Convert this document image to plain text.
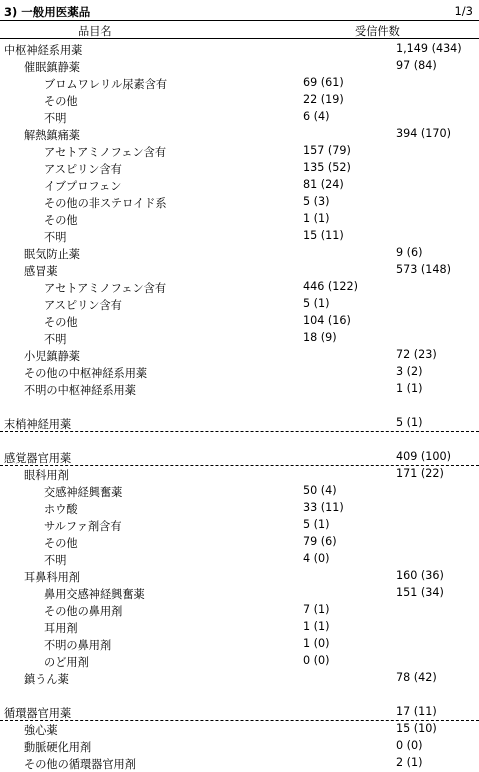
3) 一般用医薬品	1/3
品目名	受信件数
中枢神経系用薬	1,149 (434)
催眠鎮静薬	97 (84)
ブロムワレリル尿素含有	69 (61)
その他	22 (19)
不明	6 (4)
解熱鎮痛薬	394 (170)
アセトアミノフェン含有	157 (79)
アスピリン含有	135 (52)
イブプロフェン	81 (24)
その他の非ステロイド系	5 (3)
その他	1 (1)
不明	15 (11)
眠気防止薬	9 (6)
感冒薬	573 (148)
アセトアミノフェン含有	446 (122)
アスピリン含有	5 (1)
その他	104 (16)
不明	18 (9)
小児鎮静薬	72 (23)
その他の中枢神経系用薬	3 (2)
不明の中枢神経系用薬	1 (1)
末梢神経用薬	5 (1)
感覚器官用薬	409 (100)
眼科用剤	171 (22)
交感神経興奮薬	50 (4)
ホウ酸	33 (11)
サルファ剤含有	5 (1)
その他	79 (6)
不明	4 (0)
耳鼻科用剤	160 (36)
鼻用交感神経興奮薬	151 (34)
その他の鼻用剤	7 (1)
耳用剤	1 (1)
不明の鼻用剤	1 (0)
のど用剤	0 (0)
鎮うん薬	78 (42)
循環器官用薬	17 (11)
強心薬	15 (10)
動脈硬化用剤	0 (0)
その他の循環器官用剤	2 (1)
